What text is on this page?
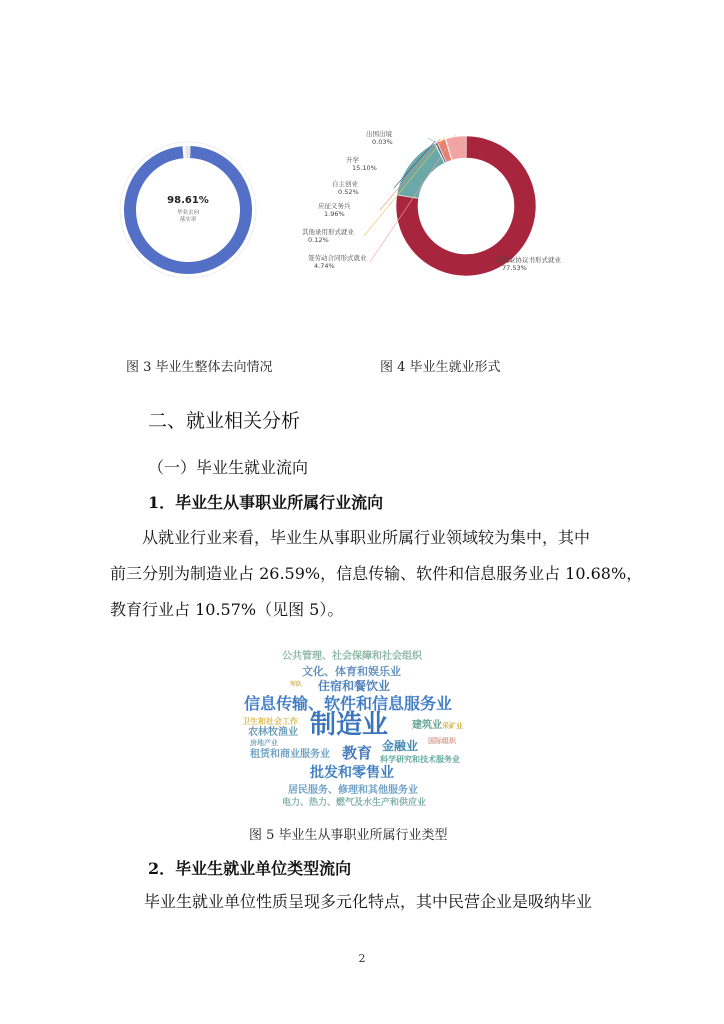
98.61%
毕业去向
落实率
签就业协议书形式就业
77.53%
升学
15.10%
出国出境
0.03%
自主创业
0.52%
应征义务兵
1.96%
其他录用形式就业
0.12%
签劳动合同形式就业
4.74%
图 3 毕业生整体去向情况	图 4 毕业生就业形式
二、就业相关分析
（一）毕业生就业流向
1．毕业生从事职业所属行业流向
从就业行业来看，毕业生从事职业所属行业领域较为集中，其中
前三分别为制造业占 26.59%，信息传输、软件和信息服务业占 10.68%，
教育行业占 10.57%（见图 5）。
公共管理、社会保障和社会组织
文化、体育和娱乐业
军队 住宿和餐饮业
信息传输、软件和信息服务业
卫生和社会工作 制造业 建筑业 采矿业
农林牧渔业
房地产业	国际组织
金融业
租赁和商业服务业 教育 科学研究和技术服务业
批发和零售业
居民服务、修理和其他服务业
电力、热力、燃气及水生产和供应业
图 5 毕业生从事职业所属行业类型
2．毕业生就业单位类型流向
毕业生就业单位性质呈现多元化特点，其中民营企业是吸纳毕业
2
